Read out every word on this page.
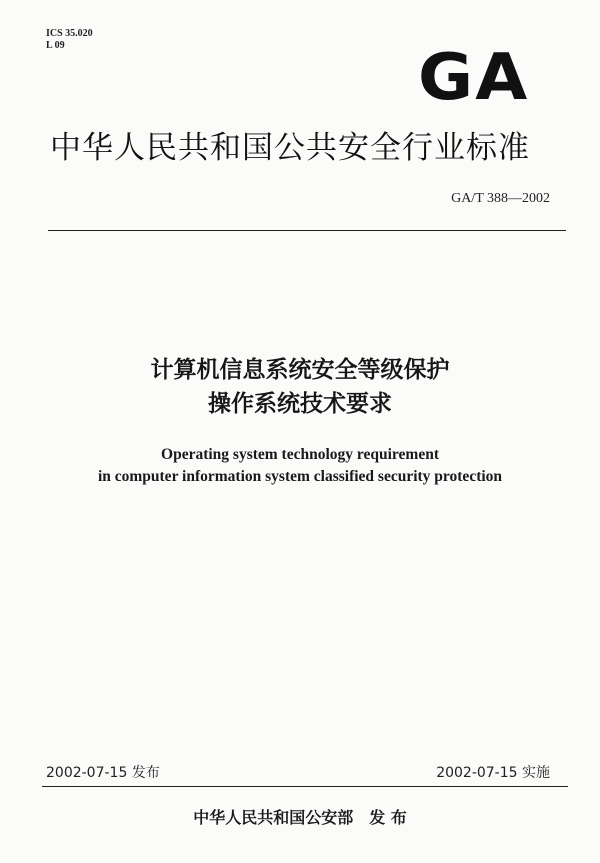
ICS 35.020
L 09	GA
中华人民共和国公共安全行业标准
GA/T 388—2002
计算机信息系统安全等级保护
操作系统技术要求
Operating system technology requirement
in computer information system classified security protection
2002-07-15 发布	2002-07-15 实施
中华人民共和国公安部　发 布
